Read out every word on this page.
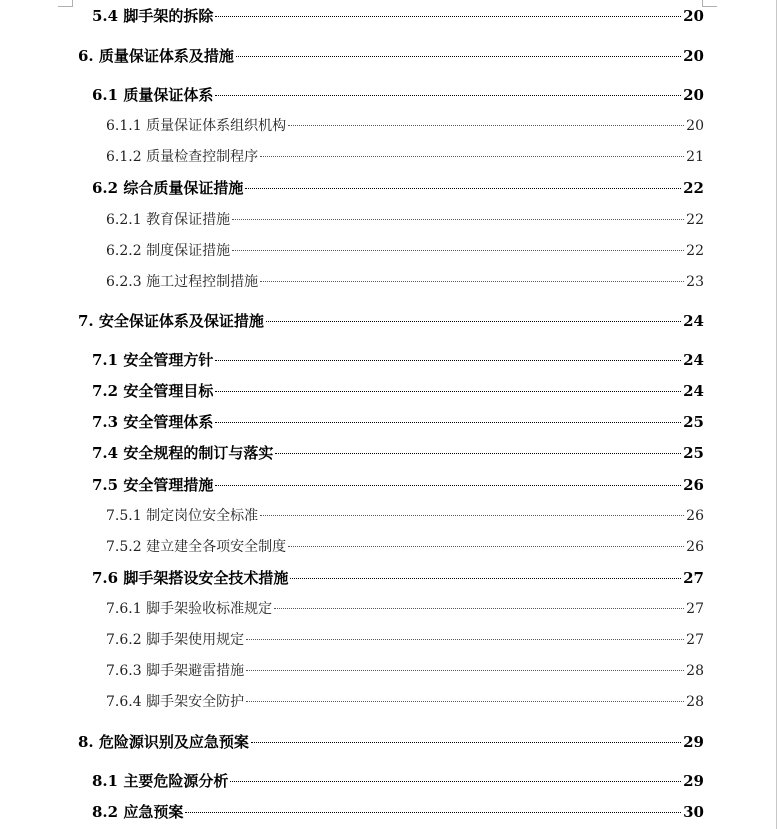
5.4 脚手架的拆除	20
6. 质量保证体系及措施	20
6.1 质量保证体系	20
6.1.1 质量保证体系组织机构	20
6.1.2 质量检查控制程序	21
6.2 综合质量保证措施	22
6.2.1 教育保证措施	22
6.2.2 制度保证措施	22
6.2.3 施工过程控制措施	23
7. 安全保证体系及保证措施	24
7.1 安全管理方针	24
7.2 安全管理目标	24
7.3 安全管理体系	25
7.4 安全规程的制订与落实	25
7.5 安全管理措施	26
7.5.1 制定岗位安全标准	26
7.5.2 建立建全各项安全制度	26
7.6 脚手架搭设安全技术措施	27
7.6.1 脚手架验收标准规定	27
7.6.2 脚手架使用规定	27
7.6.3 脚手架避雷措施	28
7.6.4 脚手架安全防护	28
8. 危险源识别及应急预案	29
8.1 主要危险源分析	29
8.2 应急预案	30
